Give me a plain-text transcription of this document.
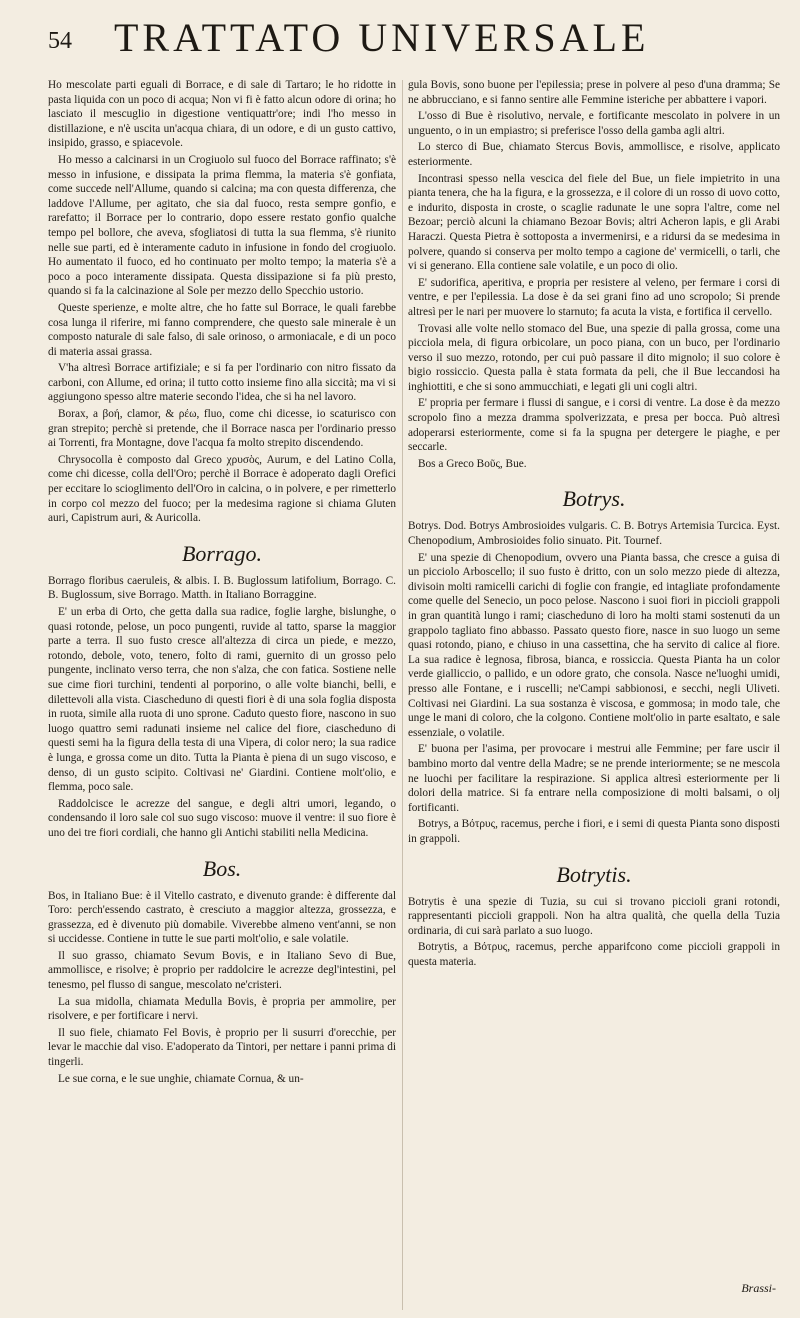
54 TRATTATO UNIVERSALE

Ho mescolate parti eguali di Borrace, e di sale di Tartaro; le ho ridotte in pasta liquida con un poco di acqua; Non vi fi è fatto alcun odore di orina; ho lasciato il mescuglio in digestione ventiquattr'ore; indi l'ho messo in distillazione, e n'è uscita un'acqua chiara, di un odore, e di un gusto cattivo, insipido, grasso, e spiacevole.

Ho messo a calcinarsi in un Crogiuolo sul fuoco del Borrace raffinato; s'è messo in infusione, e dissipata la prima flemma, la materia s'è gonfiata, come succede nell'Allume, quando si calcina; ma con questa differenza, che laddove l'Allume, per agitato, che sia dal fuoco, resta sempre gonfio, e rarefatto; il Borrace per lo contrario, dopo essere restato gonfio qualche tempo pel bollore, che aveva, sfogliatosi di tutta la sua flemma, s'è riunito nelle sue parti, ed è interamente caduto in infusione in fondo del crogiuolo. Ho aumentato il fuoco, ed ho continuato per molto tempo; la materia s'è a poco a poco interamente dissipata. Questa dissipazione si fa più presto, quando si fa la calcinazione al Sole per mezzo dello Specchio ustorio.

Queste sperienze, e molte altre, che ho fatte sul Borrace, le quali farebbe cosa lunga il riferire, mi fanno comprendere, che questo sale minerale è un composto naturale di sale falso, di sale orinoso, o armoniacale, e di un poco di materia assai grassa.

V'ha altresì Borrace artifiziale; e si fa per l'ordinario con nitro fissato da carboni, con Allume, ed orina; il tutto cotto insieme fino alla siccità; ma vi si aggiungono spesso altre materie secondo l'idea, che si ha nel lavoro.

Borax, a βοή, clamor, & ρέω, fluo, come chi dicesse, io scaturisco con gran strepito; perchè si pretende, che il Borrace nasca per l'ordinario presso ai Torrenti, fra Montagne, dove l'acqua fa molto strepito discendendo.

Chrysocolla è composto dal Greco χρυσὸς, Aurum, e del Latino Colla, come chi dicesse, colla dell'Oro; perchè il Borrace è adoperato dagli Orefici per eccitare lo scioglimento dell'Oro in calcina, o in polvere, e per rimetterlo in corpo col mezzo del fuoco; per la medesima ragione si chiama Gluten auri, Capistrum auri, & Auricolla.

Borrago.

Borrago floribus caeruleis, & albis. I. B. Buglossum latifolium, Borrago. C. B. Buglossum, sive Borrago. Matth. in Italiano Borraggine.

E' un erba di Orto, che getta dalla sua radice, foglie larghe, bislunghe, o quasi rotonde, pelose, un poco pungenti, ruvide al tatto, sparse la maggior parte a terra. Il suo fusto cresce all'altezza di circa un piede, e mezzo, rotondo, debole, voto, tenero, folto di rami, guernito di un grosso pelo pungente, inclinato verso terra, che non s'alza, che con fatica. Sostiene nelle sue cime fiori turchini, tendenti al porporino, o alle volte bianchi, belli, e dilettevoli alla vista. Ciascheduno di questi fiori è di una sola foglia disposta in ruota, simile alla ruota di uno sprone. Caduto questo fiore, nascono in suo luogo quattro semi radunati insieme nel calice del fiore, ciascheduno di questi semi ha la figura della testa di una Vipera, di color nero; la sua radice è lunga, e grossa come un dito. Tutta la Pianta è piena di un sugo viscoso, e denso, di un gusto scipito. Coltivasi ne' Giardini. Contiene molt'olio, e flemma, poco sale.

Raddolcisce le acrezze del sangue, e degli altri umori, legando, o condensando il loro sale col suo sugo viscoso: muove il ventre: il suo fiore è uno dei tre fiori cordiali, che hanno gli Antichi stabiliti nella Medicina.

Bos.

Bos, in Italiano Bue: è il Vitello castrato, e divenuto grande: è differente dal Toro: perch'essendo castrato, è cresciuto a maggior altezza, grossezza, e grassezza, ed è divenuto più domabile. Viverebbe almeno vent'anni, se non si uccidesse. Contiene in tutte le sue parti molt'olio, e sale volatile.

Il suo grasso, chiamato Sevum Bovis, e in Italiano Sevo di Bue, ammollisce, e risolve; è proprio per raddolcire le acrezze degl'intestini, pel tenesmo, pel flusso di sangue, mescolato ne'cristeri.

La sua midolla, chiamata Medulla Bovis, è propria per ammolire, per risolvere, e per fortificare i nervi.

Il suo fiele, chiamato Fel Bovis, è proprio per li susurri d'orecchie, per levar le macchie dal viso. E'adoperato da Tintori, per nettare i panni prima di tingerli.

Le sue corna, e le sue unghie, chiamate Cornua, & un-

gula Bovis, sono buone per l'epilessia; prese in polvere al peso d'una dramma; Se ne abbrucciano, e si fanno sentire alle Femmine isteriche per abbattere i vapori.

L'osso di Bue è risolutivo, nervale, e fortificante mescolato in polvere in un unguento, o in un empiastro; si preferisce l'osso della gamba agli altri.

Lo sterco di Bue, chiamato Stercus Bovis, ammollisce, e risolve, applicato esteriormente.

Incontrasi spesso nella vescica del fiele del Bue, un fiele impietrito in una pianta tenera, che ha la figura, e la grossezza, e il colore di un rosso di uovo cotto, e indurito, disposta in croste, o scaglie radunate le une sopra l'altre, come nel Bezoar; perciò alcuni la chiamano Bezoar Bovis; altri Acheron lapis, e gli Arabi Haraczi. Questa Pietra è sottoposta a invermenirsi, e a ridursi da se medesima in polvere, quando si conserva per molto tempo a cagione de' vermicelli, o tarli, che vi si generano. Ella contiene sale volatile, e un poco di olio.

E' sudorifica, aperitiva, e propria per resistere al veleno, per fermare i corsi di ventre, e per l'epilessia. La dose è da sei grani fino ad uno scropolo; Si prende altresì per le nari per muovere lo starnuto; fa acuta la vista, e fortifica il cervello.

Trovasi alle volte nello stomaco del Bue, una spezie di palla grossa, come una picciola mela, di figura orbicolare, un poco piana, con un buco, per l'ordinario verso il suo mezzo, rotondo, per cui può passare il dito mignolo; il suo colore è bigio rossiccio. Questa palla è stata formata da peli, che il Bue leccandosi ha inghiottiti, e che si sono ammucchiati, e legati gli uni cogli altri.

E' propria per fermare i flussi di sangue, e i corsi di ventre. La dose è da mezzo scropolo fino a mezza dramma spolverizzata, e presa per bocca. Può altresì adoperarsi esteriormente, come si fa la spugna per detergere le piaghe, e per seccarle.

Bos a Greco Βοῦς, Bue.

Botrys.

Botrys. Dod. Botrys Ambrosioides vulgaris. C. B. Botrys Artemisia Turcica. Eyst. Chenopodium, Ambrosioides folio sinuato. Pit. Tournef.

E' una spezie di Chenopodium, ovvero una Pianta bassa, che cresce a guisa di un picciolo Arboscello; il suo fusto è dritto, con un solo mezzo piede di altezza, divisoin molti ramicelli carichi di foglie con frangie, ed intagliate profondamente come quelle del Senecio, un poco pelose. Nascono i suoi fiori in piccioli grappoli in gran quantità lungo i rami; ciascheduno di loro ha molti stami sostenuti da un grappolo tagliato fino abbasso. Passato questo fiore, nasce in suo luogo un seme quasi rotondo, piano, e chiuso in una cassettina, che ha servito di calice al fiore. La sua radice è legnosa, fibrosa, bianca, e rossiccia. Questa Pianta ha un color verde gialliccio, o pallido, e un odore grato, che consola. Nasce ne'luoghi umidi, presso alle Fontane, e i ruscelli; ne'Campi sabbionosi, e secchi, negli Uliveti. Coltivasi nei Giardini. La sua sostanza è viscosa, e gommosa; in modo tale, che unge le mani di coloro, che la colgono. Contiene molt'olio in parte esaltato, e sale essenziale, o volatile.

E' buona per l'asima, per provocare i mestrui alle Femmine; per fare uscir il bambino morto dal ventre della Madre; se ne prende interiormente; se ne mescola ne luochi per facilitare la respirazione. Si applica altresì esteriormente per li dolori della matrice. Si fa entrare nella composizione di molti balsami, o olj fortificanti.

Botrys, a Βότρυς, racemus, perche i fiori, e i semi di questa Pianta sono disposti in grappoli.

Botrytis.

Botrytis è una spezie di Tuzia, su cui si trovano piccioli grani rotondi, rappresentanti piccioli grappoli. Non ha altra qualità, che quella della Tuzia ordinaria, di cui sarà parlato a suo luogo.

Botrytis, a Βότρυς, racemus, perche apparifcono come piccioli grappoli in questa materia.

Brassi-
